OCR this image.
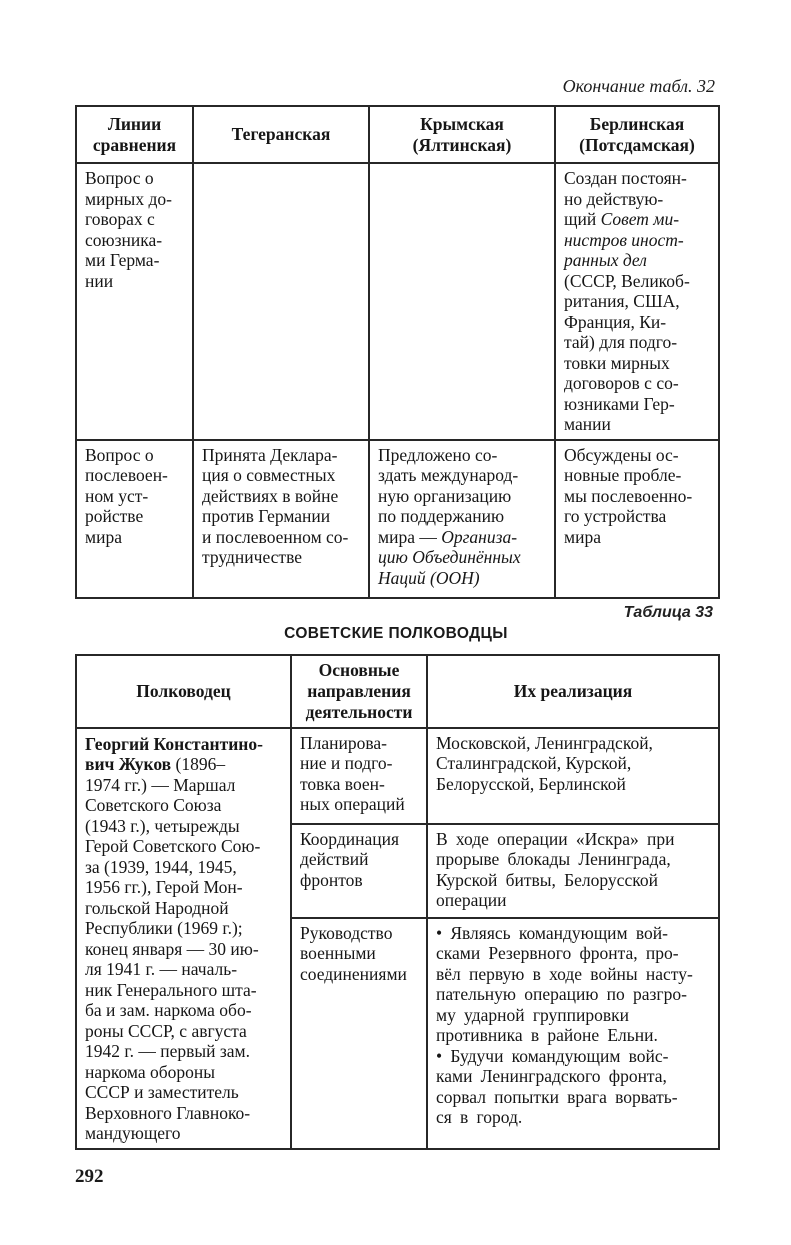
Окончание табл. 32
Линии
сравнения	Тегеранская	Крымская
(Ялтинская)	Берлинская
(Потсдамская)
Вопрос о
мирных до-
говорах с
союзника-
ми Герма-
нии			Создан постоян-
но действую-
щий Совет ми-
нистров иност-
ранных дел
(СССР, Великоб-
ритания, США,
Франция, Ки-
тай) для подго-
товки мирных
договоров с со-
юзниками Гер-
мании
Вопрос о
послевоен-
ном уст-
ройстве
мира	Принята Деклара-
ция о совместных
действиях в войне
против Германии
и послевоенном со-
трудничестве	Предложено со-
здать международ-
ную организацию
по поддержанию
мира — Организа-
цию Объединённых
Наций (ООН)	Обсуждены ос-
новные пробле-
мы послевоенно-
го устройства
мира
Таблица 33
СОВЕТСКИЕ ПОЛКОВОДЦЫ
Полководец	Основные
направления
деятельности	Их реализация
Георгий Константино-
вич Жуков (1896–
1974 гг.) — Маршал
Советского Союза
(1943 г.), четырежды
Герой Советского Сою-
за (1939, 1944, 1945,
1956 гг.), Герой Мон-
гольской Народной
Республики (1969 г.);
конец января — 30 ию-
ля 1941 г. — началь-
ник Генерального шта-
ба и зам. наркома обо-
роны СССР, с августа
1942 г. — первый зам.
наркома обороны
СССР и заместитель
Верховного Главноко-
мандующего	Планирова-
ние и подго-
товка воен-
ных операций	Московской, Ленинградской,
Сталинградской, Курской,
Белорусской, Берлинской
	Координация
действий
фронтов	В ходе операции «Искра» при
прорыве блокады Ленинграда,
Курской битвы, Белорусской
операции
Руководство
военными
соединениями	• Являясь командующим вой-
сками Резервного фронта, про-
вёл первую в ходе войны насту-
пательную операцию по разгро-
му ударной группировки
противника в районе Ельни.
• Будучи командующим войс-
ками Ленинградского фронта,
сорвал попытки врага ворвать-
ся в город.
292
